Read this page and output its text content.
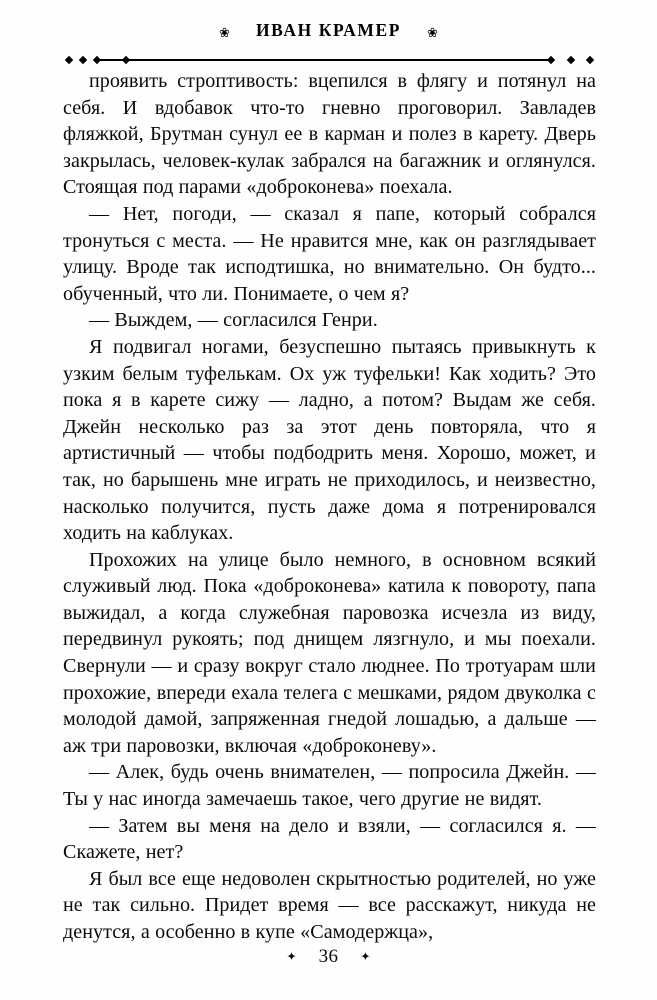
❀ ИВАН КРАМЕР ❀

проявить строптивость: вцепился в флягу и потянул на себя. И вдобавок что-то гневно проговорил. Завладев фляжкой, Брутман сунул ее в карман и полез в карету. Дверь закрылась, человек-кулак забрался на багажник и оглянулся. Стоящая под парами «доброконева» поехала.

— Нет, погоди, — сказал я папе, который собрался тронуться с места. — Не нравится мне, как он разглядывает улицу. Вроде так исподтишка, но внимательно. Он будто... обученный, что ли. Понимаете, о чем я?

— Выждем, — согласился Генри.

Я подвигал ногами, безуспешно пытаясь привыкнуть к узким белым туфелькам. Ох уж туфельки! Как ходить? Это пока я в карете сижу — ладно, а потом? Выдам же себя. Джейн несколько раз за этот день повторяла, что я артистичный — чтобы подбодрить меня. Хорошо, может, и так, но барышень мне играть не приходилось, и неизвестно, насколько получится, пусть даже дома я потренировался ходить на каблуках.

Прохожих на улице было немного, в основном всякий служивый люд. Пока «доброконева» катила к повороту, папа выжидал, а когда служебная паровозка исчезла из виду, передвинул рукоять; под днищем лязгнуло, и мы поехали. Свернули — и сразу вокруг стало люднее. По тротуарам шли прохожие, впереди ехала телега с мешками, рядом двуколка с молодой дамой, запряженная гнедой лошадью, а дальше — аж три паровозки, включая «доброконеву».

— Алек, будь очень внимателен, — попросила Джейн. — Ты у нас иногда замечаешь такое, чего другие не видят.

— Затем вы меня на дело и взяли, — согласился я. — Скажете, нет?

Я был все еще недоволен скрытностью родителей, но уже не так сильно. Придет время — все расскажут, никуда не денутся, а особенно в купе «Самодержца»,

✦ 36 ✦
